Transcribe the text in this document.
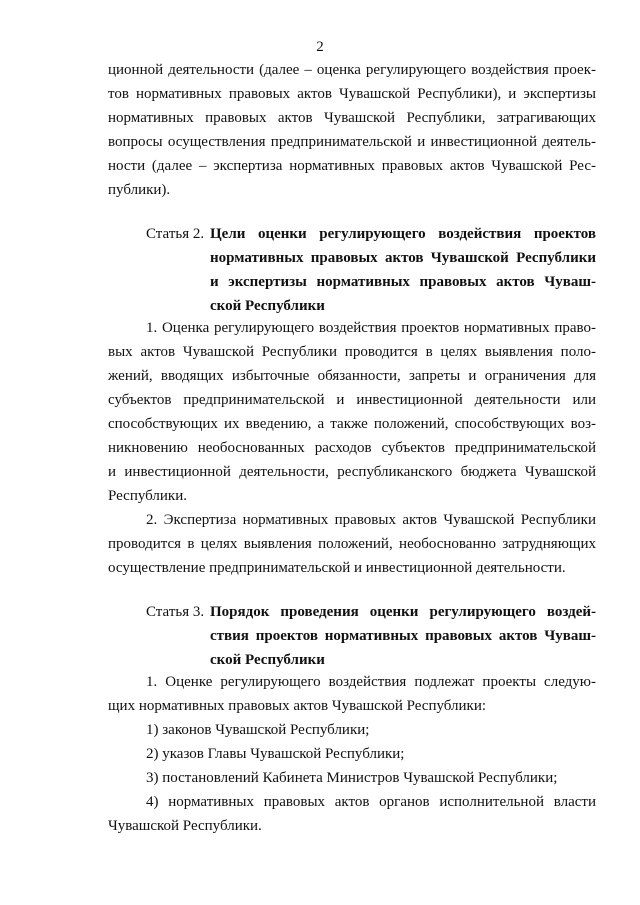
2
ционной деятельности (далее – оценка регулирующего воздействия проек-
тов нормативных правовых актов Чувашской Республики), и экспертизы
нормативных правовых актов Чувашской Республики, затрагивающих
вопросы осуществления предпринимательской и инвестиционной деятель-
ности (далее – экспертиза нормативных правовых актов Чувашской Рес-
публики).
Статья 2. Цели оценки регулирующего воздействия проектов
нормативных правовых актов Чувашской Республики
и экспертизы нормативных правовых актов Чуваш-
ской Республики
1. Оценка регулирующего воздействия проектов нормативных право-
вых актов Чувашской Республики проводится в целях выявления поло-
жений, вводящих избыточные обязанности, запреты и ограничения для
субъектов предпринимательской и инвестиционной деятельности или
способствующих их введению, а также положений, способствующих воз-
никновению необоснованных расходов субъектов предпринимательской
и инвестиционной деятельности, республиканского бюджета Чувашской
Республики.
2. Экспертиза нормативных правовых актов Чувашской Республики
проводится в целях выявления положений, необоснованно затрудняющих
осуществление предпринимательской и инвестиционной деятельности.
Статья 3. Порядок проведения оценки регулирующего воздей-
ствия проектов нормативных правовых актов Чуваш-
ской Республики
1. Оценке регулирующего воздействия подлежат проекты следую-
щих нормативных правовых актов Чувашской Республики:
1) законов Чувашской Республики;
2) указов Главы Чувашской Республики;
3) постановлений Кабинета Министров Чувашской Республики;
4) нормативных правовых актов органов исполнительной власти
Чувашской Республики.
